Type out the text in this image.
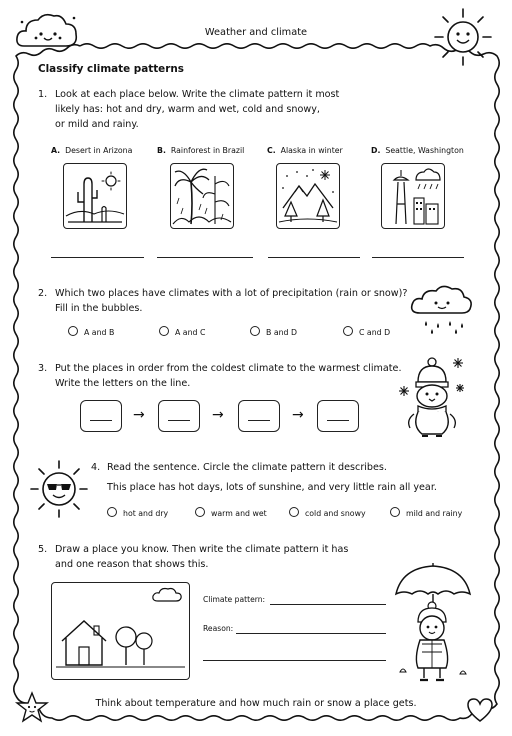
Weather and climate
Classify climate patterns
1. Look at each place below. Write the climate pattern it most
likely has: hot and dry, warm and wet, cold and snowy,
or mild and rainy.
A. Desert in Arizona	B. Rainforest in Brazil	C. Alaska in winter	D. Seattle, Washington
2. Which two places have climates with a lot of precipitation (rain or snow)?
Fill in the bubbles.
A and B	A and C	B and D	C and D
3. Put the places in order from the coldest climate to the warmest climate.
Write the letters on the line.
→	→	→
4. Read the sentence. Circle the climate pattern it describes.
This place has hot days, lots of sunshine, and very little rain all year.
hot and dry	warm and wet	cold and snowy	mild and rainy
5. Draw a place you know. Then write the climate pattern it has
and one reason that shows this.
Climate pattern:
Reason:
Think about temperature and how much rain or snow a place gets.
